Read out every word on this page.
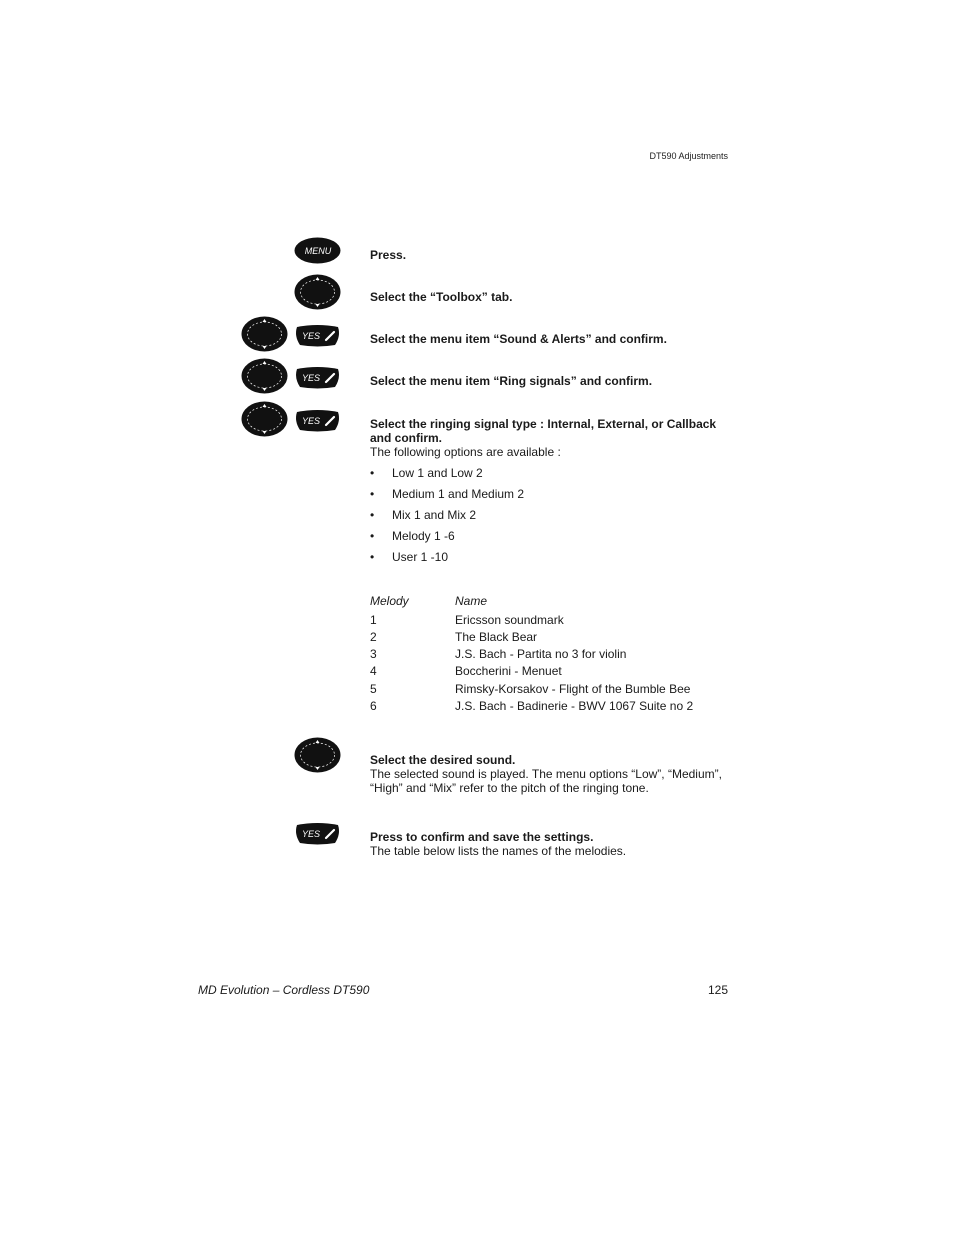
DT590 Adjustments
MENU
YES
YES
YES
YES
Press.
Select the “Toolbox” tab.
Select the menu item “Sound & Alerts” and confirm.
Select the menu item “Ring signals” and confirm.
Select the ringing signal type : Internal, External, or Callback and confirm.
The following options are available :
• Low 1 and Low 2
• Medium 1 and Medium 2
• Mix 1 and Mix 2
• Melody 1 -6
• User 1 -10
Melody	Name
1	Ericsson soundmark
2	The Black Bear
3	J.S. Bach - Partita no 3 for violin
4	Boccherini - Menuet
5	Rimsky-Korsakov - Flight of the Bumble Bee
6	J.S. Bach - Badinerie - BWV 1067 Suite no 2
Select the desired sound.
The selected sound is played. The menu options “Low”, “Medium”, “High” and “Mix” refer to the pitch of the ringing tone.
Press to confirm and save the settings.
The table below lists the names of the melodies.
MD Evolution – Cordless DT590	125
